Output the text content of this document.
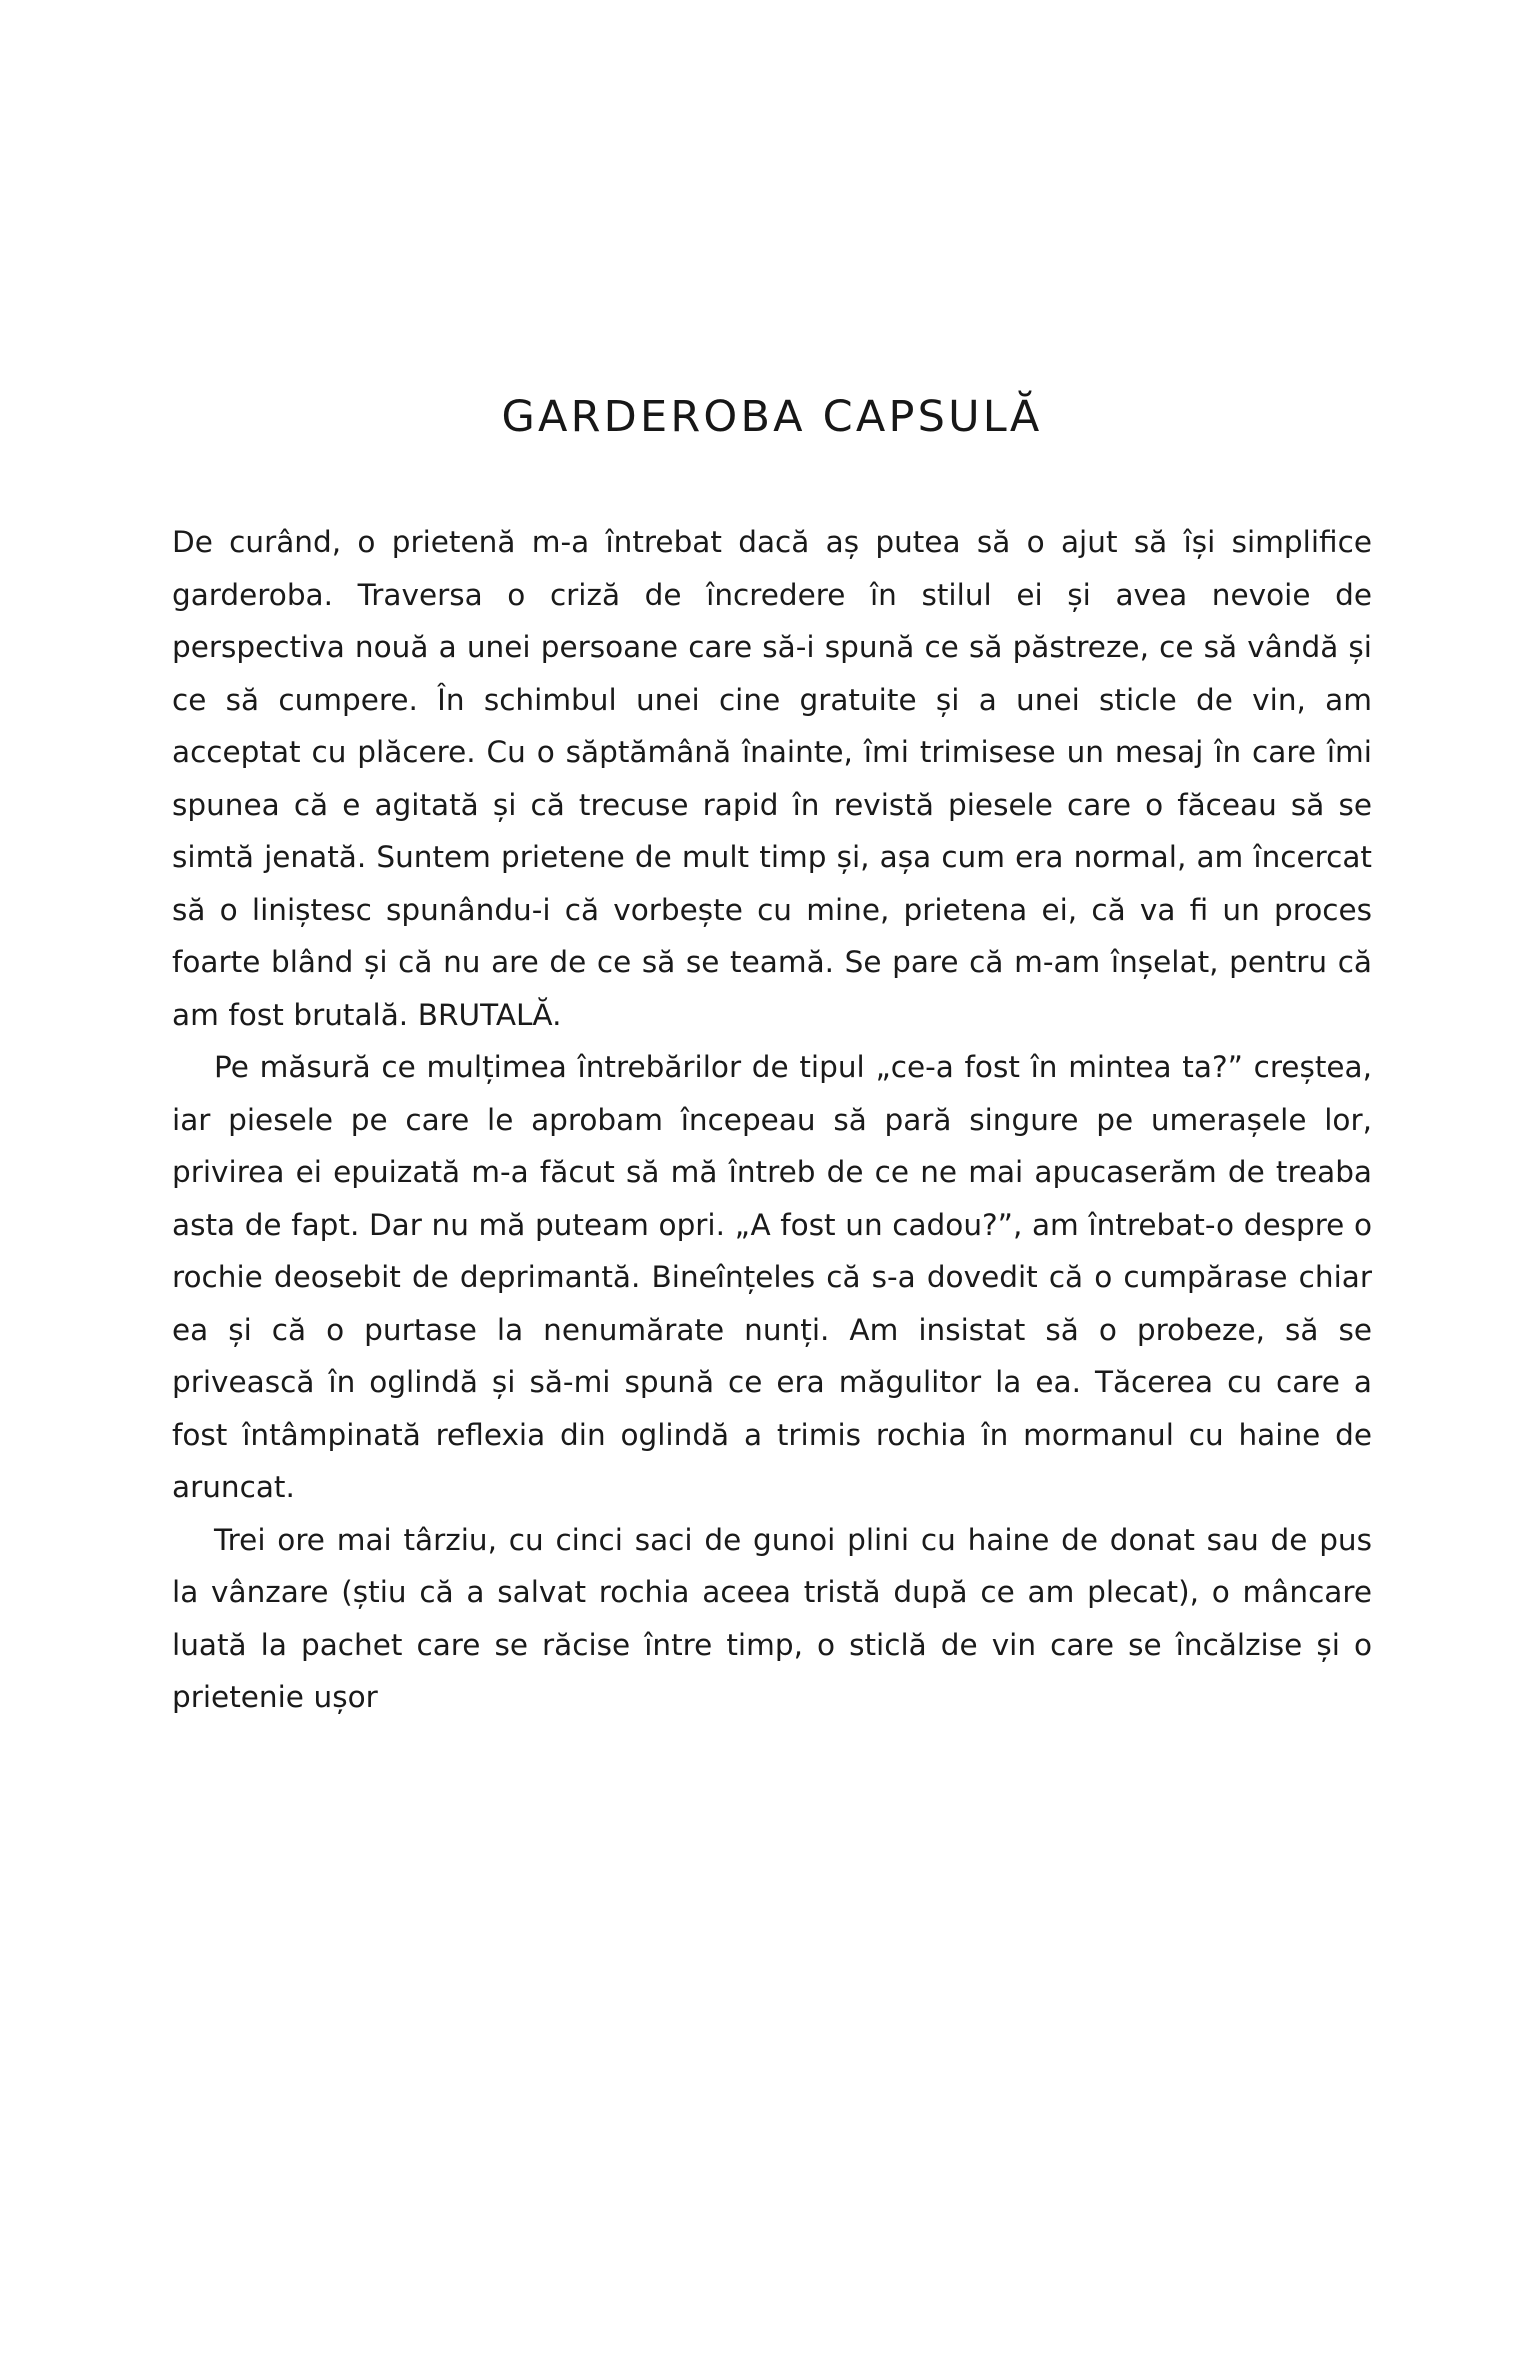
GARDEROBA CAPSULĂ

De curând, o prietenă m-a întrebat dacă aș putea să o ajut să își simplifice garderoba. Traversa o criză de încredere în stilul ei și avea nevoie de perspectiva nouă a unei persoane care să-i spună ce să păstreze, ce să vândă și ce să cumpere. În schimbul unei cine gratuite și a unei sticle de vin, am acceptat cu plăcere. Cu o săptămână înainte, îmi trimisese un mesaj în care îmi spunea că e agitată și că trecuse rapid în revistă piesele care o făceau să se simtă jenată. Suntem prietene de mult timp și, așa cum era normal, am încercat să o liniștesc spunându-i că vorbește cu mine, prietena ei, că va fi un proces foarte blând și că nu are de ce să se teamă. Se pare că m-am înșelat, pentru că am fost brutală. BRUTALĂ.

Pe măsură ce mulțimea întrebărilor de tipul „ce-a fost în mintea ta?” creștea, iar piesele pe care le aprobam începeau să pară singure pe umerașele lor, privirea ei epuizată m-a făcut să mă întreb de ce ne mai apucaserăm de treaba asta de fapt. Dar nu mă puteam opri. „A fost un cadou?”, am întrebat-o despre o rochie deosebit de deprimantă. Bineînțeles că s-a dovedit că o cumpărase chiar ea și că o purtase la nenumărate nunți. Am insistat să o probeze, să se privească în oglindă și să-mi spună ce era măgulitor la ea. Tăcerea cu care a fost întâmpinată reflexia din oglindă a trimis rochia în mormanul cu haine de aruncat.

Trei ore mai târziu, cu cinci saci de gunoi plini cu haine de donat sau de pus la vânzare (știu că a salvat rochia aceea tristă după ce am plecat), o mâncare luată la pachet care se răcise între timp, o sticlă de vin care se încălzise și o prietenie ușor
